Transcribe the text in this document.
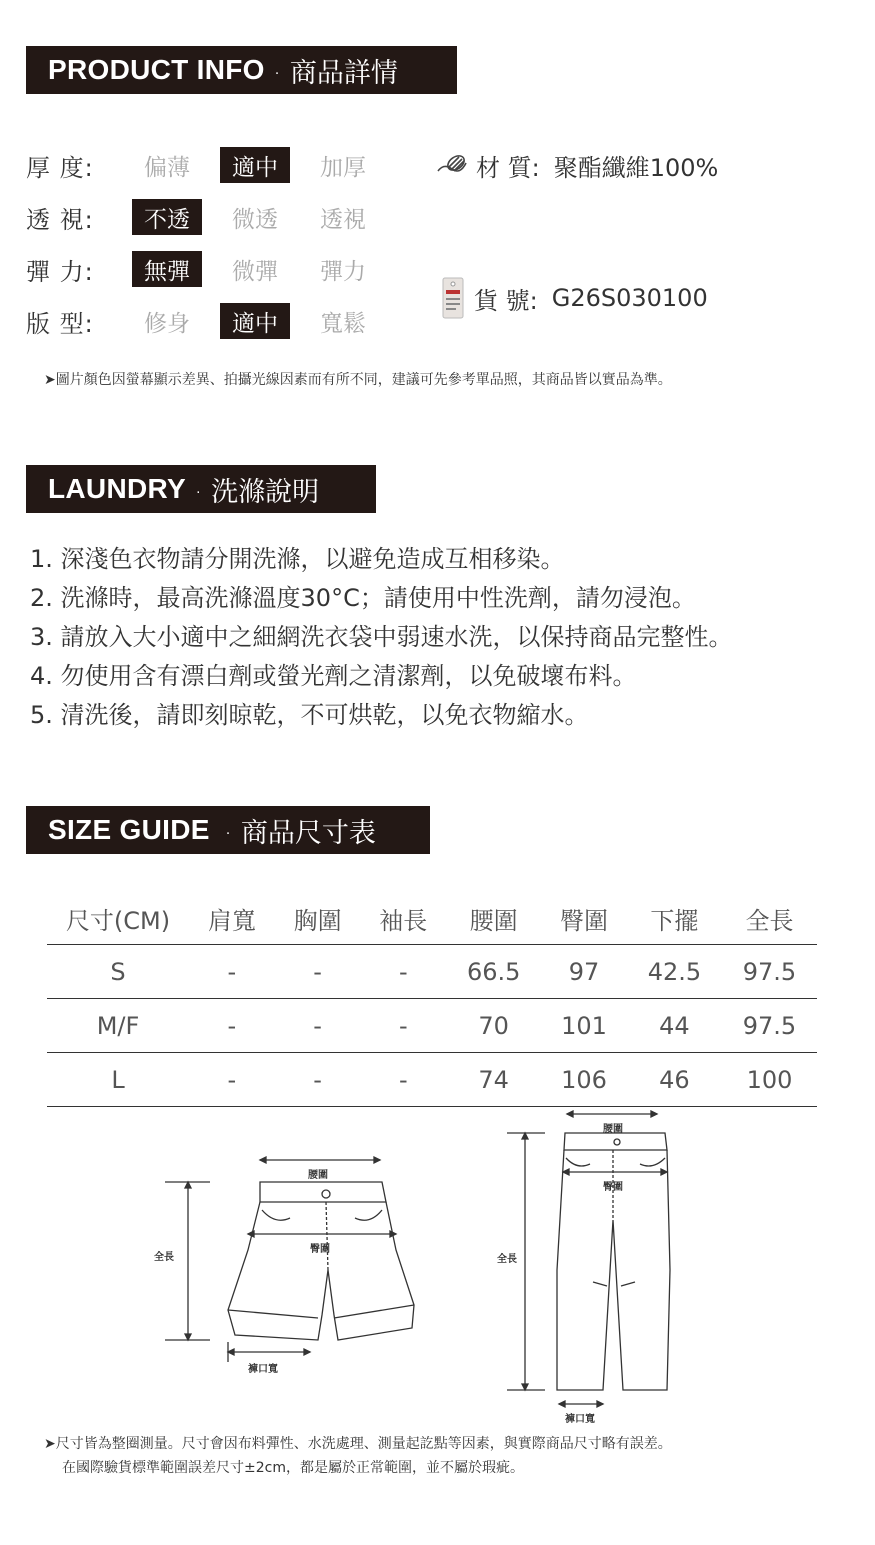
PRODUCT INFO · 商品詳情
厚 度:	偏薄	適中	加厚
透 視:	不透	微透	透視
彈 力:	無彈	微彈	彈力
版 型:	修身	適中	寬鬆
材 質: 聚酯纖維100%
貨 號: G26S030100
➤圖片顏色因螢幕顯示差異、拍攝光線因素而有所不同，建議可先參考單品照，其商品皆以實品為準。
LAUNDRY · 洗滌說明
1. 深淺色衣物請分開洗滌，以避免造成互相移染。
2. 洗滌時，最高洗滌溫度30°C；請使用中性洗劑，請勿浸泡。
3. 請放入大小適中之細網洗衣袋中弱速水洗，以保持商品完整性。
4. 勿使用含有漂白劑或螢光劑之清潔劑，以免破壞布料。
5. 清洗後，請即刻晾乾，不可烘乾，以免衣物縮水。
SIZE GUIDE · 商品尺寸表
尺寸(CM)	肩寬	胸圍	袖長	腰圍	臀圍	下擺	全長
S	-	-	-	66.5	97	42.5	97.5
M/F	-	-	-	70	101	44	97.5
L	-	-	-	74	106	46	100
腰圍
臀圍
全長
褲口寬
腰圍
臀圍
全長
褲口寬
➤尺寸皆為整圈測量。尺寸會因布料彈性、水洗處理、測量起訖點等因素，與實際商品尺寸略有誤差。
在國際驗貨標準範圍誤差尺寸±2cm，都是屬於正常範圍，並不屬於瑕疵。
